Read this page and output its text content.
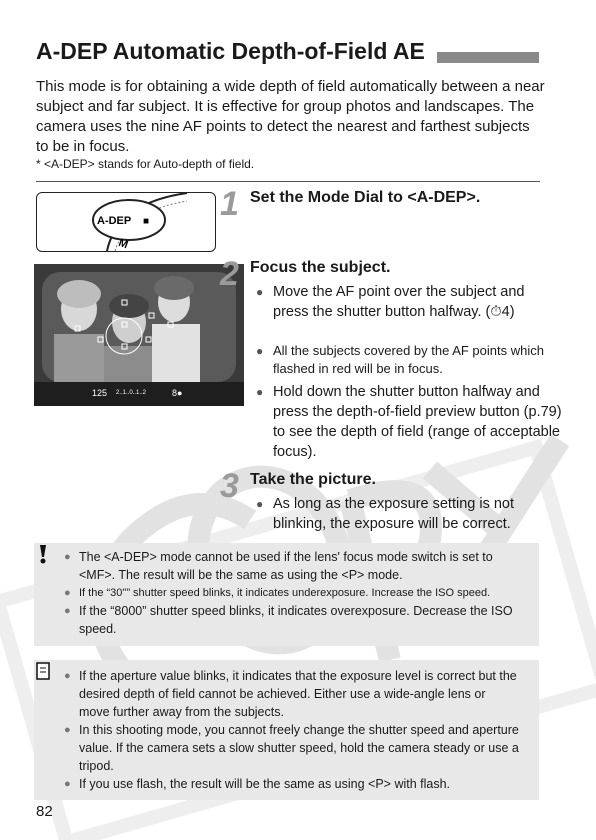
A-DEP Automatic Depth-of-Field AE
This mode is for obtaining a wide depth of field automatically between a near subject and far subject. It is effective for group photos and landscapes. The camera uses the nine AF points to detect the nearest and farthest subjects to be in focus.
* <A-DEP> stands for Auto-depth of field.
A-DEP ■
M
1 Set the Mode Dial to <A-DEP>.
125 2..1..0..1..2	8●
2 Focus the subject.
● Move the AF point over the subject and press the shutter button halfway. (⏱4)
● All the subjects covered by the AF points which flashed in red will be in focus.
● Hold down the shutter button halfway and press the depth-of-field preview button (p.79) to see the depth of field (range of acceptable focus).
3 Take the picture.
● As long as the exposure setting is not blinking, the exposure will be correct.
● The <A-DEP> mode cannot be used if the lens' focus mode switch is set to <MF>. The result will be the same as using the <P> mode.
● If the “30"” shutter speed blinks, it indicates underexposure. Increase the ISO speed.
● If the “8000” shutter speed blinks, it indicates overexposure. Decrease the ISO speed.
● If the aperture value blinks, it indicates that the exposure level is correct but the desired depth of field cannot be achieved. Either use a wide-angle lens or move further away from the subjects.
● In this shooting mode, you cannot freely change the shutter speed and aperture value. If the camera sets a slow shutter speed, hold the camera steady or use a tripod.
● If you use flash, the result will be the same as using <P> with flash.
82
